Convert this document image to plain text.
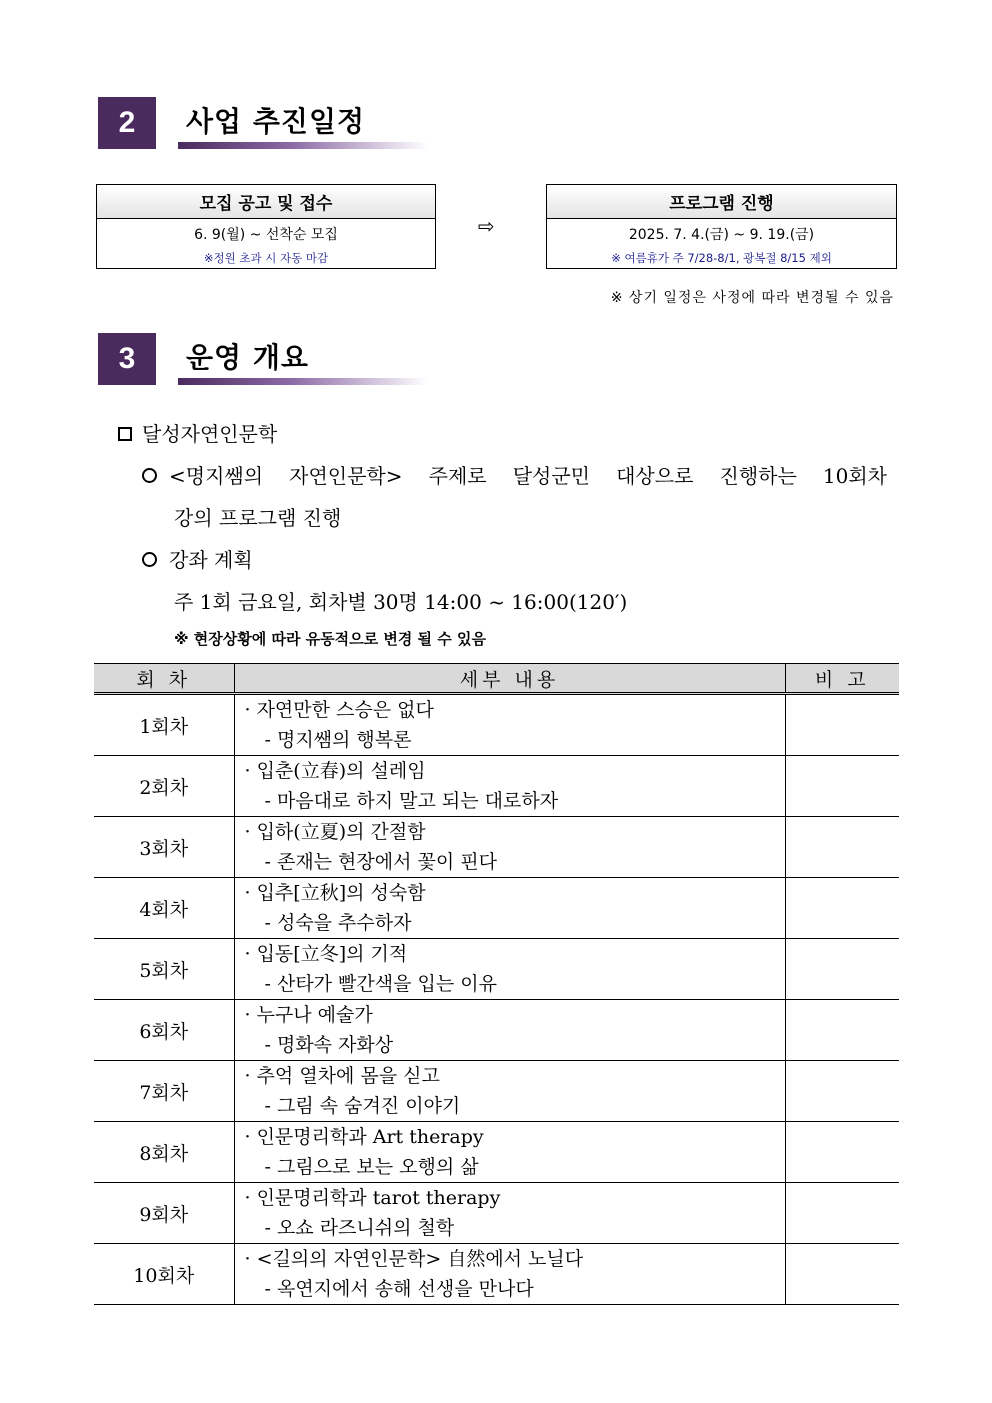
2	사업 추진일정
모집 공고 및 접수
6. 9(월) ~ 선착순 모집
※정원 초과 시 자동 마감
⇨
프로그램 진행
2025. 7. 4.(금) ~ 9. 19.(금)
※ 여름휴가 주 7/28-8/1, 광복절 8/15 제외
※ 상기 일정은 사정에 따라 변경될 수 있음
3	운영 개요
달성자연인문학
<명지쌤의 자연인문학> 주제로 달성군민 대상으로 진행하는 10회차
강의 프로그램 진행
강좌 계획
주 1회 금요일, 회차별 30명 14:00 ~ 16:00(120′)
※ 현장상황에 따라 유동적으로 변경 될 수 있음
회 차	세부 내용	비 고
1회차	· 자연만한 스승은 없다
- 명지쌤의 행복론	

2회차	· 입춘(立春)의 설레임
- 마음대로 하지 말고 되는 대로하자	

3회차	· 입하(立夏)의 간절함
- 존재는 현장에서 꽃이 핀다	

4회차	· 입추[立秋]의 성숙함
- 성숙을 추수하자	

5회차	· 입동[立冬]의 기적
- 산타가 빨간색을 입는 이유	

6회차	· 누구나 예술가
- 명화속 자화상	

7회차	· 추억 열차에 몸을 싣고
- 그림 속 숨겨진 이야기	

8회차	· 인문명리학과 Art therapy
- 그림으로 보는 오행의 삶	

9회차	· 인문명리학과 tarot therapy
- 오쇼 라즈니쉬의 철학	

10회차	· <길의의 자연인문학> 自然에서 노닐다
- 옥연지에서 송해 선생을 만나다	
